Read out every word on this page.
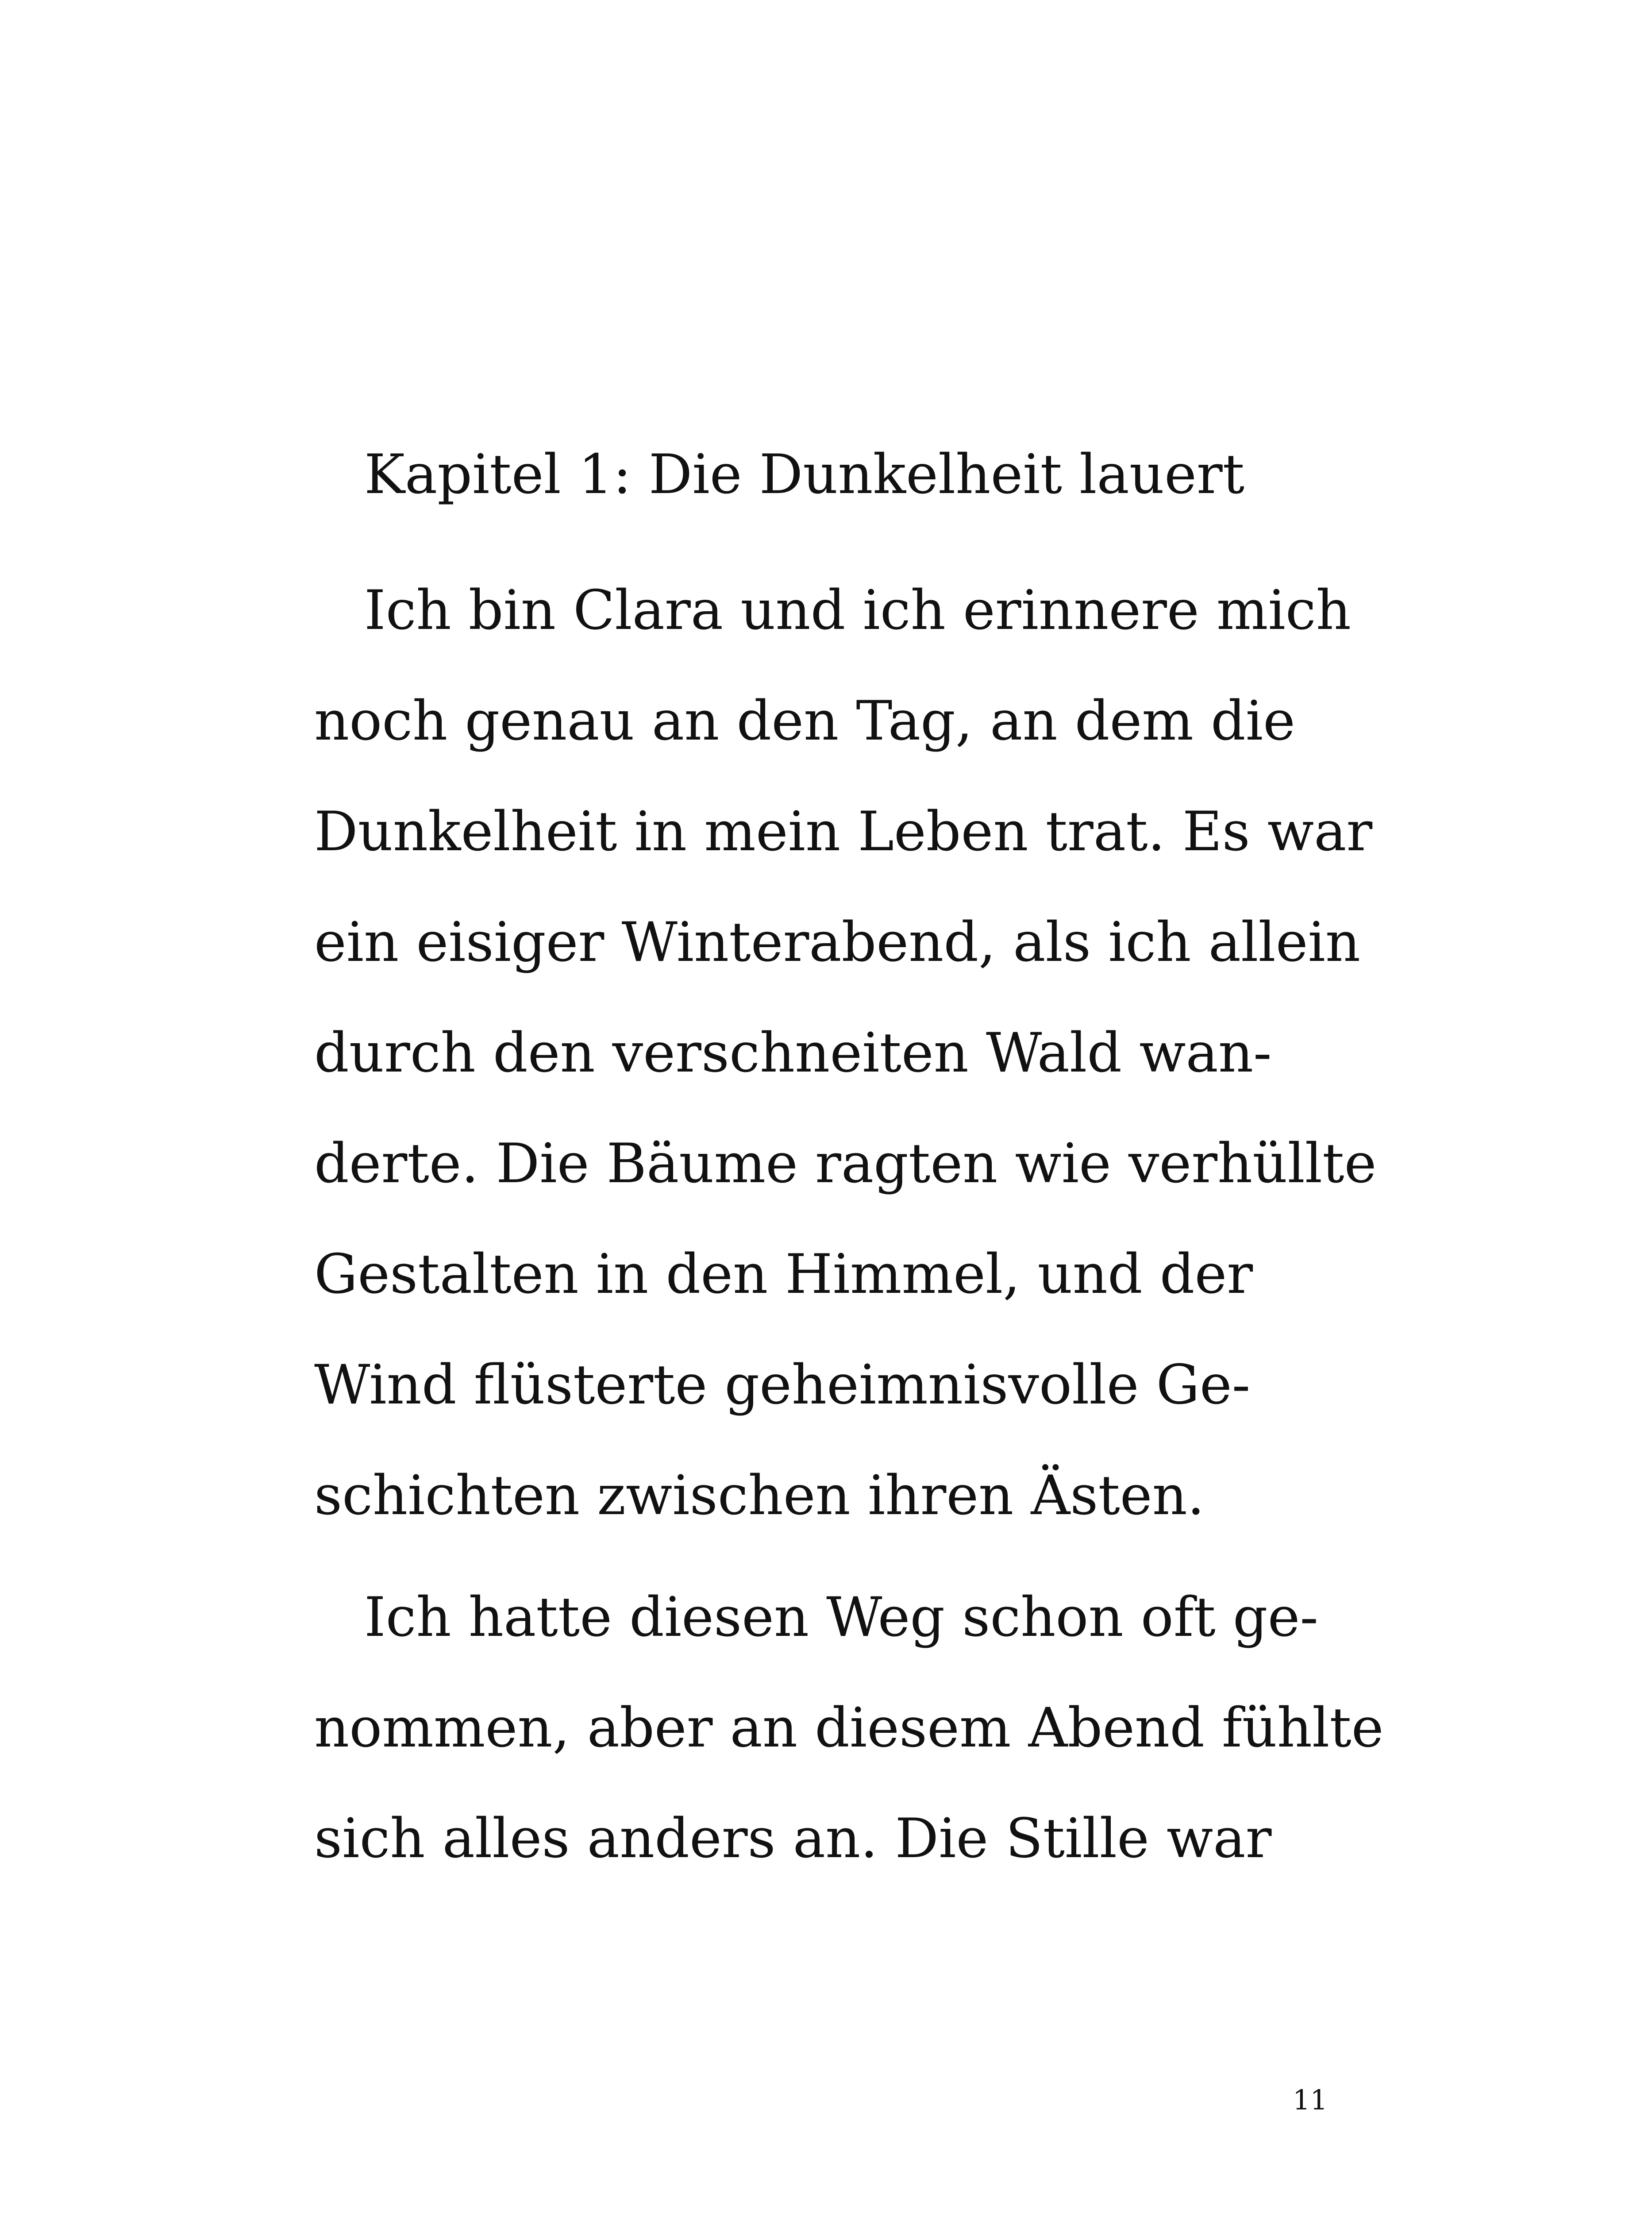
Kapitel 1: Die Dunkelheit lauert
Ich bin Clara und ich erinnere mich
noch genau an den Tag, an dem die
Dunkelheit in mein Leben trat. Es war
ein eisiger Winterabend, als ich allein
durch den verschneiten Wald wan-
derte. Die Bäume ragten wie verhüllte
Gestalten in den Himmel, und der
Wind flüsterte geheimnisvolle Ge-
schichten zwischen ihren Ästen.
Ich hatte diesen Weg schon oft ge-
nommen, aber an diesem Abend fühlte
sich alles anders an. Die Stille war
11
